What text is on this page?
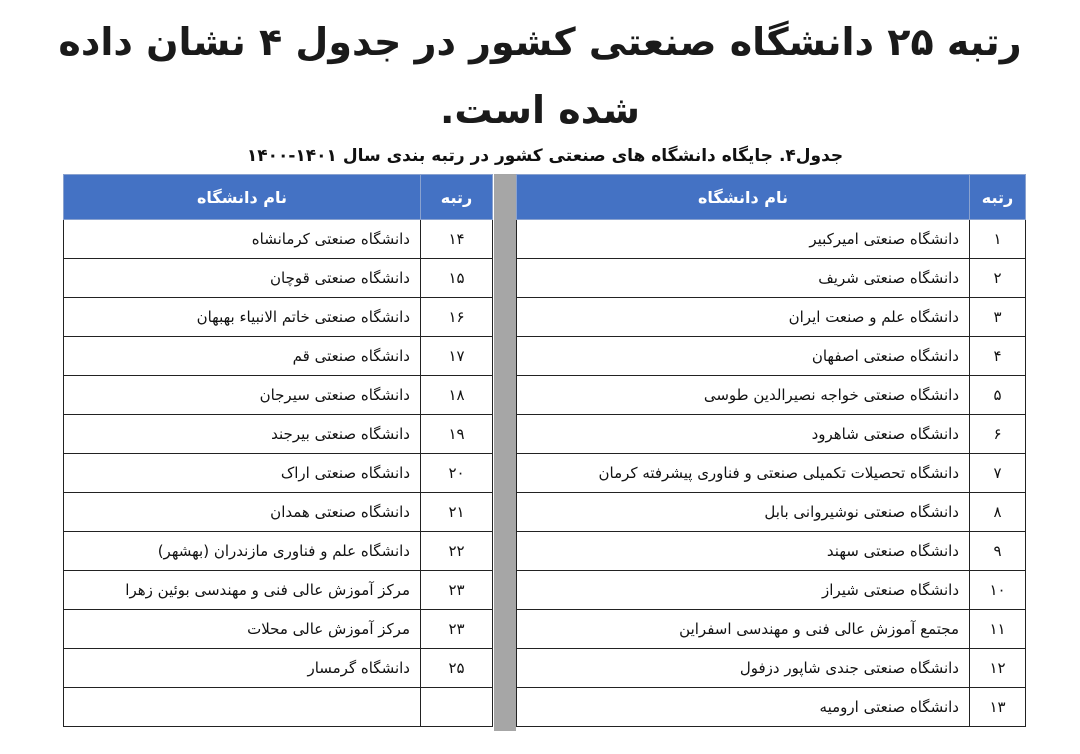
رتبه ۲۵ دانشگاه صنعتی کشور در جدول ۴ نشان داده شده است.
جدول۴. جایگاه دانشگاه های صنعتی کشور در رتبه بندی سال ۱۴۰۱-۱۴۰۰
رتبه	نام دانشگاه
۱	دانشگاه صنعتی امیرکبیر
۲	دانشگاه صنعتی شریف
۳	دانشگاه علم و صنعت ایران
۴	دانشگاه صنعتی اصفهان
۵	دانشگاه صنعتی خواجه نصیرالدین طوسی
۶	دانشگاه صنعتی شاهرود
۷	دانشگاه تحصیلات تکمیلی صنعتی و فناوری پیشرفته کرمان
۸	دانشگاه صنعتی نوشیروانی بابل
۹	دانشگاه صنعتی سهند
۱۰	دانشگاه صنعتی شیراز
۱۱	مجتمع آموزش عالی فنی و مهندسی اسفراین
۱۲	دانشگاه صنعتی جندی شاپور دزفول
۱۳	دانشگاه صنعتی ارومیه
رتبه	نام دانشگاه
۱۴	دانشگاه صنعتی کرمانشاه
۱۵	دانشگاه صنعتی قوچان
۱۶	دانشگاه صنعتی خاتم الانبیاء بهبهان
۱۷	دانشگاه صنعتی قم
۱۸	دانشگاه صنعتی سیرجان
۱۹	دانشگاه صنعتی بیرجند
۲۰	دانشگاه صنعتی اراک
۲۱	دانشگاه صنعتی همدان
۲۲	دانشگاه علم و فناوری مازندران (بهشهر)
۲۳	مرکز آموزش عالی فنی و مهندسی بوئین زهرا
۲۳	مرکز آموزش عالی محلات
۲۵	دانشگاه گرمسار
